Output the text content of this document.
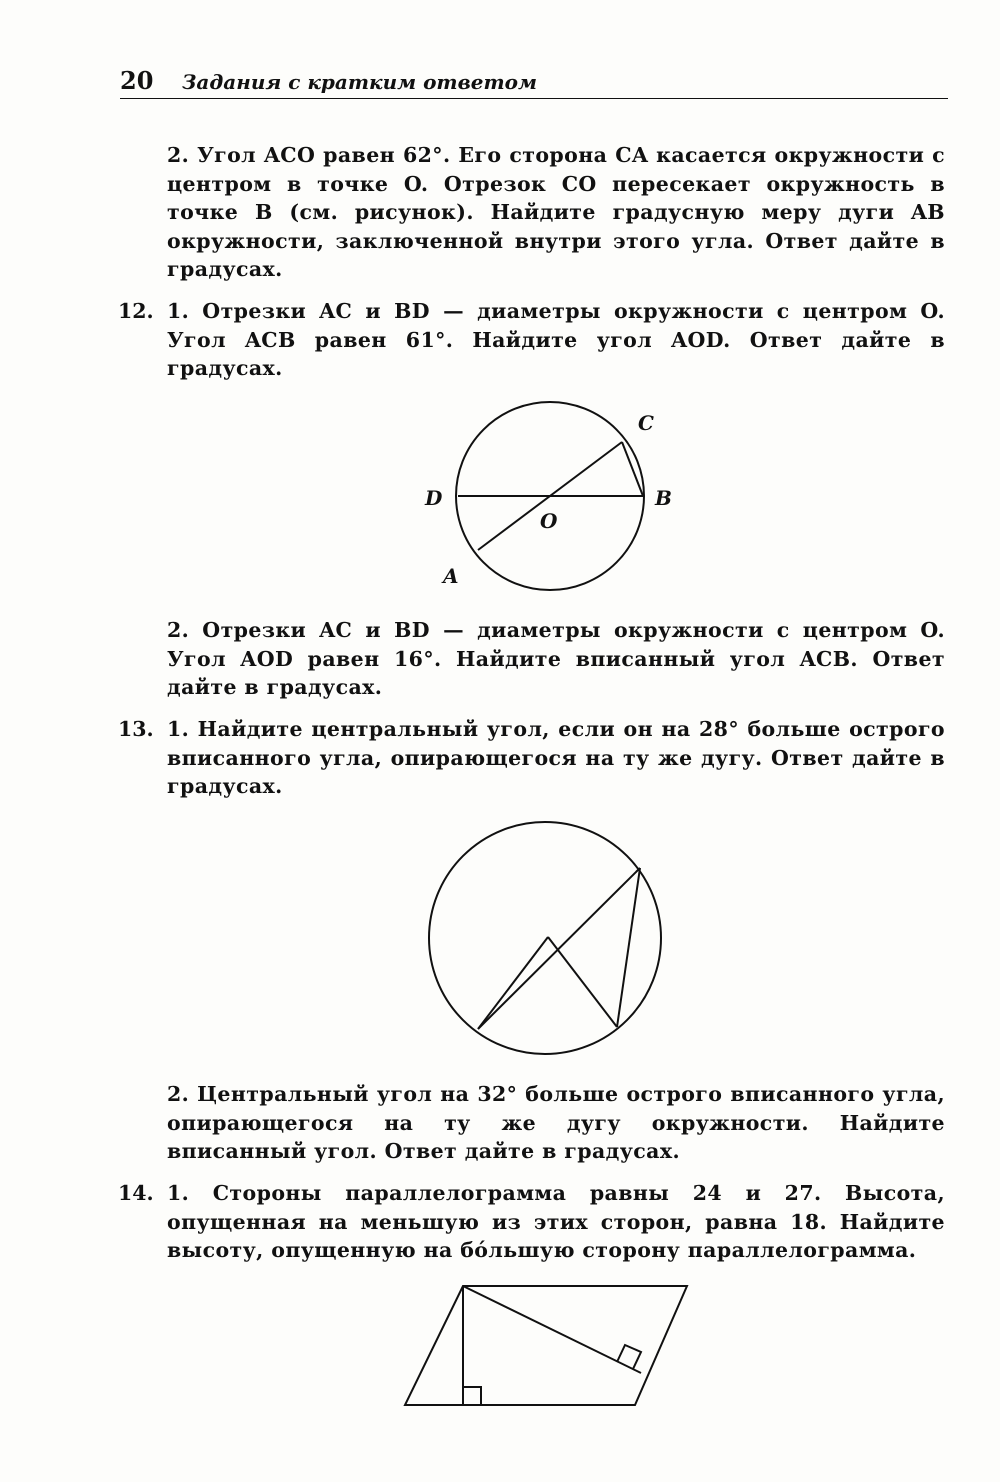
20 Задания с кратким ответом
2. Угол ACO равен 62°. Его сторона CA касается окружности с центром в точке O. Отрезок CO пересекает окружность в точке B (см. рисунок). Найдите градусную меру дуги AB окружности, заключенной внутри этого угла. Ответ дайте в градусах.
12. 1. Отрезки AC и BD — диаметры окружности с центром O. Угол ACB равен 61°. Найдите угол AOD. Ответ дайте в градусах.
2. Отрезки AC и BD — диаметры окружности с центром O. Угол AOD равен 16°. Найдите вписанный угол ACB. Ответ дайте в градусах.
13. 1. Найдите центральный угол, если он на 28° больше острого вписанного угла, опирающегося на ту же дугу. Ответ дайте в градусах.
2. Центральный угол на 32° больше острого вписанного угла, опирающегося на ту же дугу окружности. Найдите вписанный угол. Ответ дайте в градусах.
14. 1. Стороны параллелограмма равны 24 и 27. Высота, опущенная на меньшую из этих сторон, равна 18. Найдите высоту, опущенную на бóльшую сторону параллелограмма.
C
D	B
O
A
